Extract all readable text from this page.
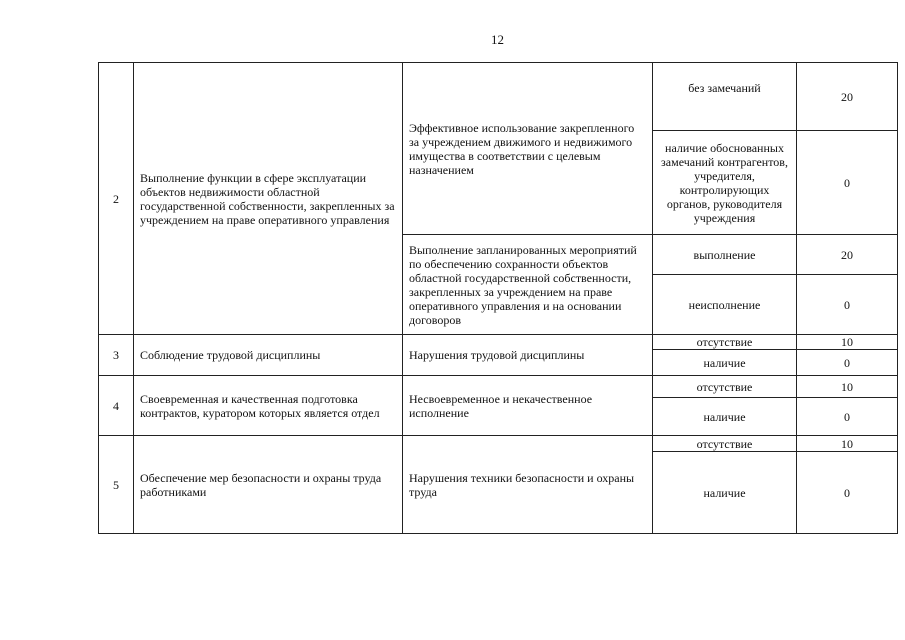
12
2	Выполнение функции в сфере эксплуатации объектов недвижимости областной государственной собственности, закрепленных за учреждением на праве оперативного управления	Эффективное использование закрепленного за учреждением движимого и недвижимого имущества в соответствии с целевым назначением	без замечаний	20
			наличие обоснованных замечаний контрагентов, учредителя, контролирующих органов, руководителя учреждения	0
		Выполнение запланированных мероприятий по обеспечению сохранности объектов областной государственной собственности, закрепленных за учреждением на праве оперативного управления и на основании договоров	выполнение	20
			неисполнение	0
3	Соблюдение трудовой дисциплины	Нарушения трудовой дисциплины	отсутствие	10
			наличие	0
4	Своевременная и качественная подготовка контрактов, куратором которых является отдел	Несвоевременное и некачественное исполнение	отсутствие	10
			наличие	0
5	Обеспечение мер безопасности и охраны труда работниками	Нарушения техники безопасности и охраны труда	отсутствие	10
			наличие	0
